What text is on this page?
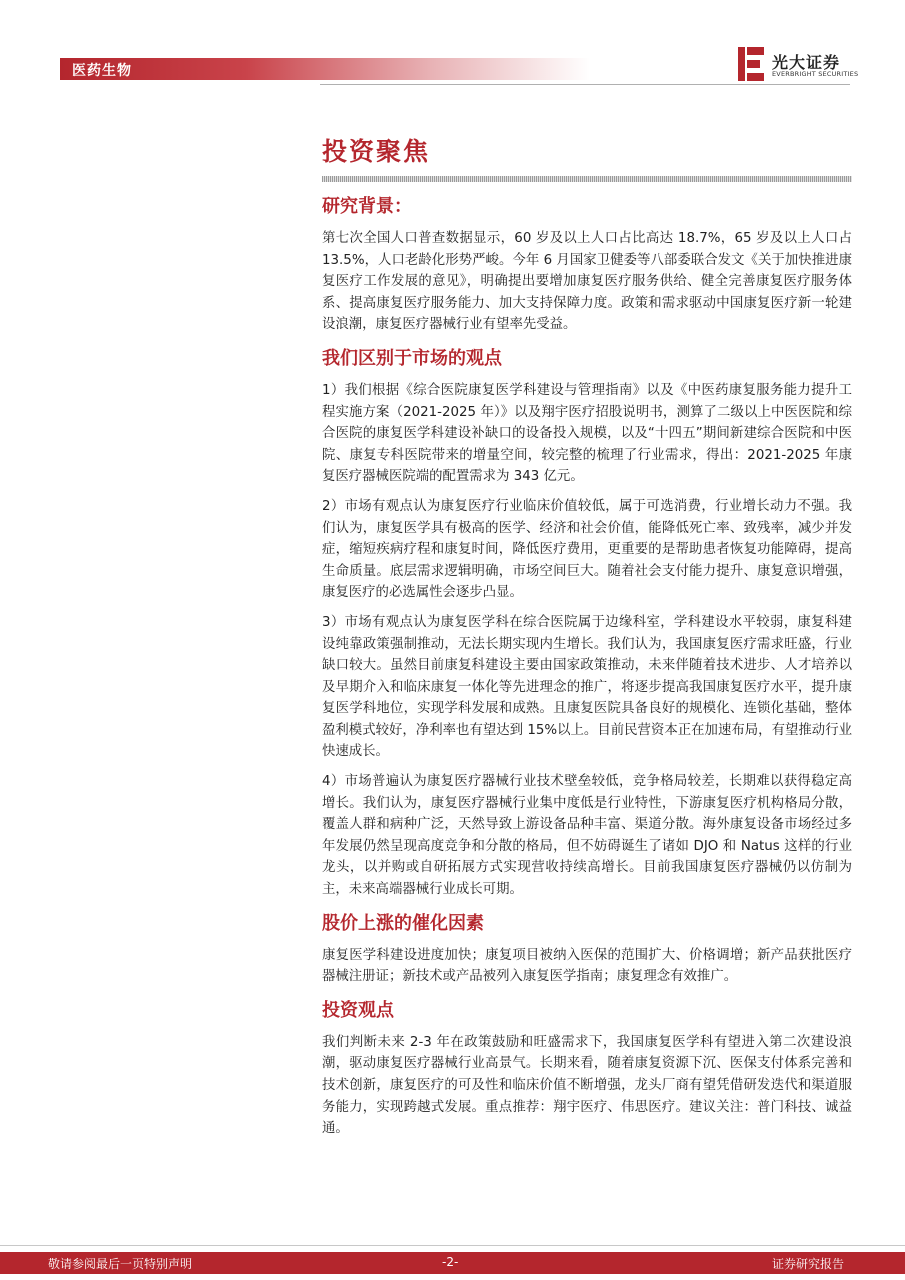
医药生物	光大证券
EVERBRIGHT SECURITIES
投资聚焦
研究背景：

第七次全国人口普查数据显示，60 岁及以上人口占比高达 18.7%，65 岁及以上人口占 13.5%，人口老龄化形势严峻。今年 6 月国家卫健委等八部委联合发文《关于加快推进康复医疗工作发展的意见》，明确提出要增加康复医疗服务供给、健全完善康复医疗服务体系、提高康复医疗服务能力、加大支持保障力度。政策和需求驱动中国康复医疗新一轮建设浪潮，康复医疗器械行业有望率先受益。

我们区别于市场的观点

1）我们根据《综合医院康复医学科建设与管理指南》以及《中医药康复服务能力提升工程实施方案（2021-2025 年）》以及翔宇医疗招股说明书，测算了二级以上中医医院和综合医院的康复医学科建设补缺口的设备投入规模，以及“十四五”期间新建综合医院和中医院、康复专科医院带来的增量空间，较完整的梳理了行业需求，得出：2021-2025 年康复医疗器械医院端的配置需求为 343 亿元。

2）市场有观点认为康复医疗行业临床价值较低，属于可选消费，行业增长动力不强。我们认为，康复医学具有极高的医学、经济和社会价值，能降低死亡率、致残率，减少并发症，缩短疾病疗程和康复时间，降低医疗费用，更重要的是帮助患者恢复功能障碍，提高生命质量。底层需求逻辑明确，市场空间巨大。随着社会支付能力提升、康复意识增强，康复医疗的必选属性会逐步凸显。

3）市场有观点认为康复医学科在综合医院属于边缘科室，学科建设水平较弱，康复科建设纯靠政策强制推动，无法长期实现内生增长。我们认为，我国康复医疗需求旺盛，行业缺口较大。虽然目前康复科建设主要由国家政策推动，未来伴随着技术进步、人才培养以及早期介入和临床康复一体化等先进理念的推广，将逐步提高我国康复医疗水平，提升康复医学科地位，实现学科发展和成熟。且康复医院具备良好的规模化、连锁化基础，整体盈利模式较好，净利率也有望达到 15%以上。目前民营资本正在加速布局，有望推动行业快速成长。

4）市场普遍认为康复医疗器械行业技术壁垒较低，竞争格局较差，长期难以获得稳定高增长。我们认为，康复医疗器械行业集中度低是行业特性，下游康复医疗机构格局分散，覆盖人群和病种广泛，天然导致上游设备品种丰富、渠道分散。海外康复设备市场经过多年发展仍然呈现高度竞争和分散的格局，但不妨碍诞生了诸如 DJO 和 Natus 这样的行业龙头，以并购或自研拓展方式实现营收持续高增长。目前我国康复医疗器械仍以仿制为主，未来高端器械行业成长可期。

股价上涨的催化因素

康复医学科建设进度加快；康复项目被纳入医保的范围扩大、价格调增；新产品获批医疗器械注册证；新技术或产品被列入康复医学指南；康复理念有效推广。

投资观点

我们判断未来 2-3 年在政策鼓励和旺盛需求下，我国康复医学科有望进入第二次建设浪潮，驱动康复医疗器械行业高景气。长期来看，随着康复资源下沉、医保支付体系完善和技术创新，康复医疗的可及性和临床价值不断增强，龙头厂商有望凭借研发迭代和渠道服务能力，实现跨越式发展。重点推荐：翔宇医疗、伟思医疗。建议关注：普门科技、诚益通。

敬请参阅最后一页特别声明	-2-	证券研究报告
